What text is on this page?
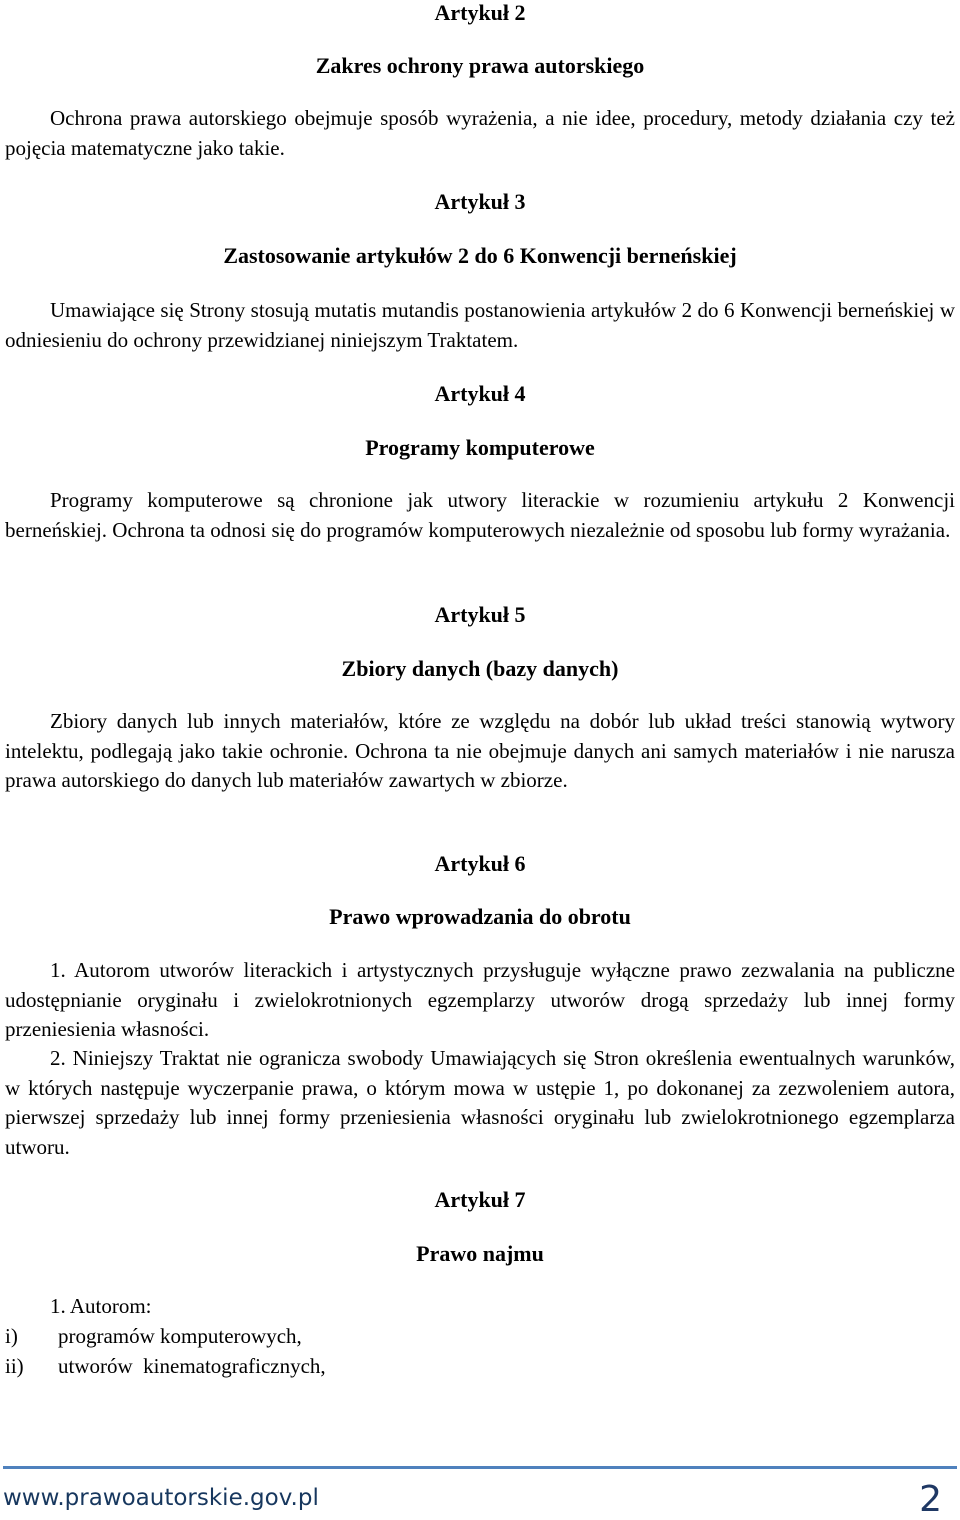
Artykuł 2
Zakres ochrony prawa autorskiego
Ochrona prawa autorskiego obejmuje sposób wyrażenia, a nie idee, procedury, metody działania czy też pojęcia matematyczne jako takie.
Artykuł 3
Zastosowanie artykułów 2 do 6 Konwencji berneńskiej
Umawiające się Strony stosują mutatis mutandis postanowienia artykułów 2 do 6 Konwencji berneńskiej w odniesieniu do ochrony przewidzianej niniejszym Traktatem.
Artykuł 4
Programy komputerowe
Programy komputerowe są chronione jak utwory literackie w rozumieniu artykułu 2 Konwencji berneńskiej. Ochrona ta odnosi się do programów komputerowych niezależnie od sposobu lub formy wyrażania.
Artykuł 5
Zbiory danych (bazy danych)
Zbiory danych lub innych materiałów, które ze względu na dobór lub układ treści stanowią wytwory intelektu, podlegają jako takie ochronie. Ochrona ta nie obejmuje danych ani samych materiałów i nie narusza prawa autorskiego do danych lub materiałów zawartych w zbiorze.
Artykuł 6
Prawo wprowadzania do obrotu
1. Autorom utworów literackich i artystycznych przysługuje wyłączne prawo zezwalania na publiczne udostępnianie oryginału i zwielokrotnionych egzemplarzy utworów drogą sprzedaży lub innej formy przeniesienia własności.
2. Niniejszy Traktat nie ogranicza swobody Umawiających się Stron określenia ewentualnych warunków, w których następuje wyczerpanie prawa, o którym mowa w ustępie 1, po dokonanej za zezwoleniem autora, pierwszej sprzedaży lub innej formy przeniesienia własności oryginału lub zwielokrotnionego egzemplarza utworu.
Artykuł 7
Prawo najmu
1. Autorom:
i)	programów komputerowych,
ii)	utworów  kinematograficznych,
www.prawoautorskie.gov.pl	2
